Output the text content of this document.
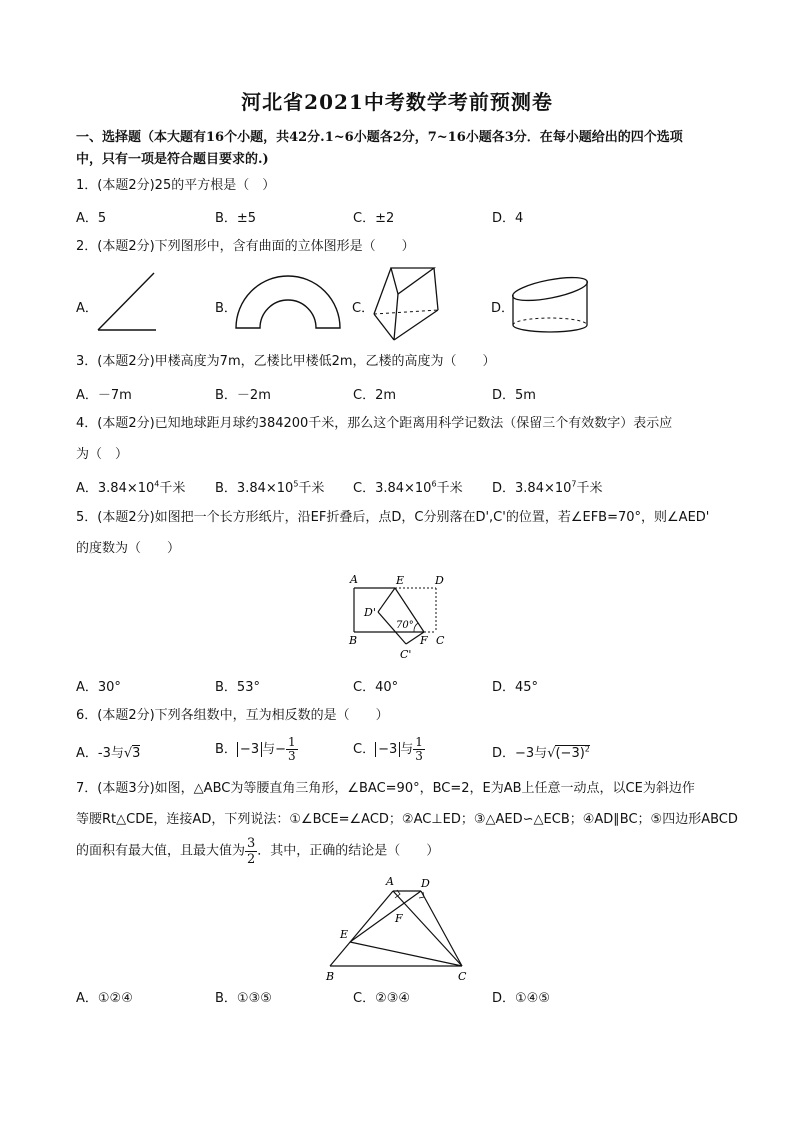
河北省2021中考数学考前预测卷
一、选择题（本大题有16个小题，共42分.1~6小题各2分，7~16小题各3分．在每小题给出的四个选项
中，只有一项是符合题目要求的.)
1．(本题2分)25的平方根是（　）
A．5	B．±5	C．±2	D．4
2．(本题2分)下列图形中，含有曲面的立体图形是（　　）
A．	B．	C．	D．
3．(本题2分)甲楼高度为7m，乙楼比甲楼低2m，乙楼的高度为（　　）
A．－7m	B．－2m	C．2m	D．5m
4．(本题2分)已知地球距月球约384200千米，那么这个距离用科学记数法（保留三个有效数字）表示应
为（　）
A．$3.84\times 10^4$千米 B．$3.84\times 10^5$千米 C．$3.84\times 10^6$千米 D．$3.84\times 10^7$千米
5．(本题2分)如图把一个长方形纸片，沿EF折叠后，点D，C分别落在D',C'的位置，若∠EFB=70°，则∠AED'
的度数为（　　）
A	E	D
D'
70°
B	F C
C'
A．30°	B．53°	C．40°	D．45°
6．(本题2分)下列各组数中，互为相反数的是（　　）
A．-3与√3	B． −3 与− $\frac{1}{3}$	C． −3 与 $\frac{1}{3}$	D．−3与$√(-3)^2$
7．(本题3分)如图，△ABC为等腰直角三角形，∠BAC=90°，BC=2，E为AB上任意一动点，以CE为斜边作
等腰Rt△CDE，连接AD，下列说法：①∠BCE=∠ACD；②AC⊥ED；③△AED∽△ECB；④AD∥BC；⑤四边形ABCD
的面积有最大值，且最大值为 $\frac{3}{2}$ ．其中，正确的结论是（　　）
A D
F
E
B	C
A．①②④	B．①③⑤	C．②③④	D．①④⑤
